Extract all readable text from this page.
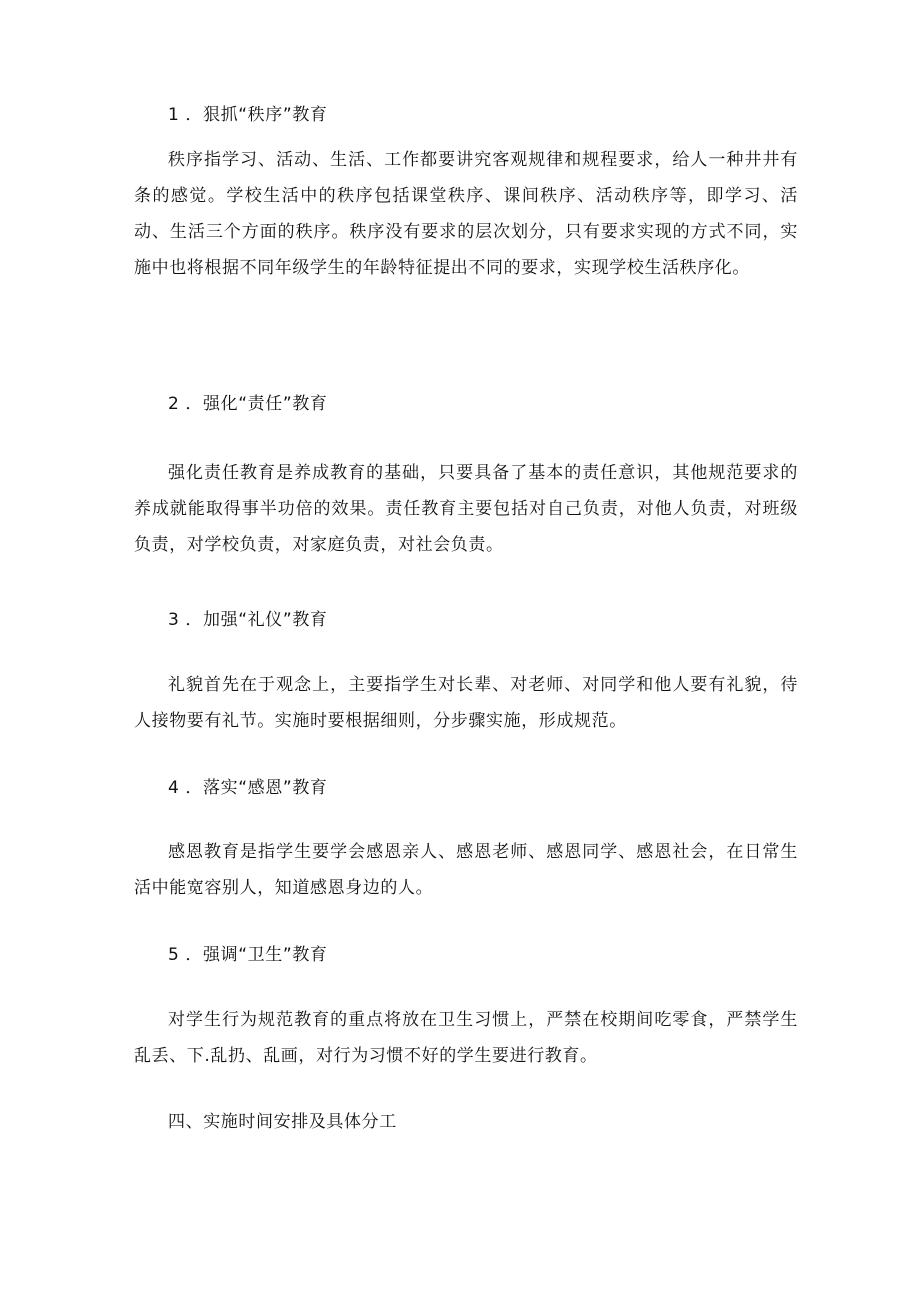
1 ．狠抓“秩序”教育

秩序指学习、活动、生活、工作都要讲究客观规律和规程要求，给人一种井井有条的感觉。学校生活中的秩序包括课堂秩序、课间秩序、活动秩序等，即学习、活动、生活三个方面的秩序。秩序没有要求的层次划分，只有要求实现的方式不同，实施中也将根据不同年级学生的年龄特征提出不同的要求，实现学校生活秩序化。

2 ．强化“责任”教育

强化责任教育是养成教育的基础，只要具备了基本的责任意识，其他规范要求的养成就能取得事半功倍的效果。责任教育主要包括对自己负责，对他人负责，对班级负责，对学校负责，对家庭负责，对社会负责。

3 ．加强“礼仪”教育

礼貌首先在于观念上，主要指学生对长辈、对老师、对同学和他人要有礼貌，待人接物要有礼节。实施时要根据细则，分步骤实施，形成规范。

4 ．落实“感恩”教育

感恩教育是指学生要学会感恩亲人、感恩老师、感恩同学、感恩社会，在日常生活中能宽容别人，知道感恩身边的人。

5 ．强调“卫生”教育

对学生行为规范教育的重点将放在卫生习惯上，严禁在校期间吃零食，严禁学生乱丢、下.乱扔、乱画，对行为习惯不好的学生要进行教育。

四、实施时间安排及具体分工
